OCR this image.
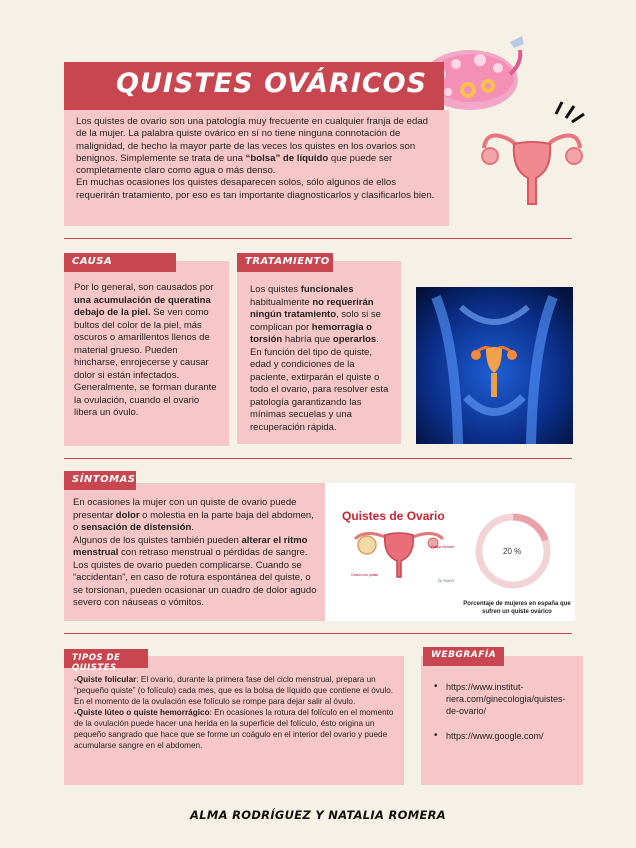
QUISTES OVÁRICOS

Los quistes de ovario son una patología muy frecuente en cualquier franja de edad de la mujer. La palabra quiste ovárico en sí no tiene ninguna connotación de malignidad, de hecho la mayor parte de las veces los quistes en los ovarios son benignos. Simplemente se trata de una “bolsa” de líquido que puede ser completamente claro como agua o más denso.

En muchas ocasiones los quistes desaparecen solos, sólo algunos de ellos requerirán tratamiento, por eso es tan importante diagnosticarlos y clasificarlos bien.

CAUSA
Por lo general, son causados por una acumulación de queratina debajo de la piel. Se ven como bultos del color de la piel, más oscuros o amarillentos llenos de material grueso. Pueden hincharse, enrojecerse y causar dolor si están infectados. Generalmente, se forman durante la ovulación, cuando el ovario libera un óvulo.
TRATAMIENTO
Los quistes funcionales habitualmente no requerirán ningún tratamiento, solo si se complican por hemorragia o torsión habría que operarlos. En función del tipo de quiste, edad y condiciones de la paciente, extirparán el quiste o todo el ovario, para resolver esta patología garantizando las mínimas secuelas y una recuperación rápida.
SÍNTOMAS

En ocasiones la mujer con un quiste de ovario puede presentar dolor o molestia en la parte baja del abdomen, o sensación de distensión.

Algunos de los quistes también pueden alterar el ritmo menstrual con retraso menstrual o pérdidas de sangre.

Los quistes de ovario pueden complicarse. Cuando se “accidentan”, en caso de rotura espontánea del quiste, o se torsionan, pueden ocasionar un cuadro de dolor agudo severo con náuseas o vómitos.

Quistes de Ovario
Ovario con quiste
Ovario Normal
Dr. Ruiz B.
20 %
Porcentaje de mujeres en españa que sufren un quiste ovárico
TIPOS DE QUISTES

-Quiste folicular: El ovario, durante la primera fase del ciclo menstrual, prepara un “pequeño quiste” (o folículo) cada mes, que es la bolsa de líquido que contiene el óvulo. En el momento de la ovulación ese folículo se rompe para dejar salir al óvulo.

-Quiste lúteo o quiste hemorrágico: En ocasiones la rotura del folículo en el momento de la ovulación puede hacer una herida en la superficie del folículo, ésto origina un pequeño sangrado que hace que se forme un coágulo en el interior del ovario y puede acumularse sangre en el abdomen.

WEBGRAFÍA
• https://www.institut-riera.com/ginecologia/quistes-de-ovario/
• https://www.google.com/
ALMA RODRÍGUEZ Y NATALIA ROMERA
